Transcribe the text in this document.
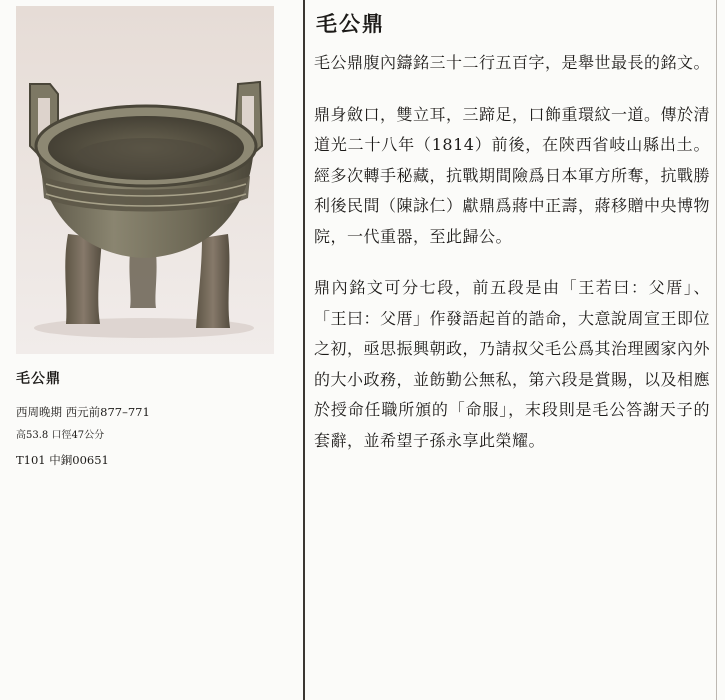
毛公鼎

西周晚期 西元前877–771

高53.8 口徑47公分

T101 中銅00651

毛公鼎

毛公鼎腹內鑄銘三十二行五百字，是舉世最長的銘文。

鼎身斂口，雙立耳，三蹄足，口飾重環紋一道。傳於清道光二十八年（1814）前後，在陝西省岐山縣出土。經多次轉手秘藏，抗戰期間險爲日本軍方所奪，抗戰勝利後民間（陳詠仁）獻鼎爲蔣中正壽，蔣移贈中央博物院，一代重器，至此歸公。

鼎內銘文可分七段，前五段是由「王若曰：父厝」、「王曰：父厝」作發語起首的誥命，大意說周宣王即位之初，亟思振興朝政，乃請叔父毛公爲其治理國家內外的大小政務，並飭勤公無私，第六段是賞賜，以及相應於授命任職所頒的「命服」，末段則是毛公答謝天子的套辭，並希望子孫永享此榮耀。
